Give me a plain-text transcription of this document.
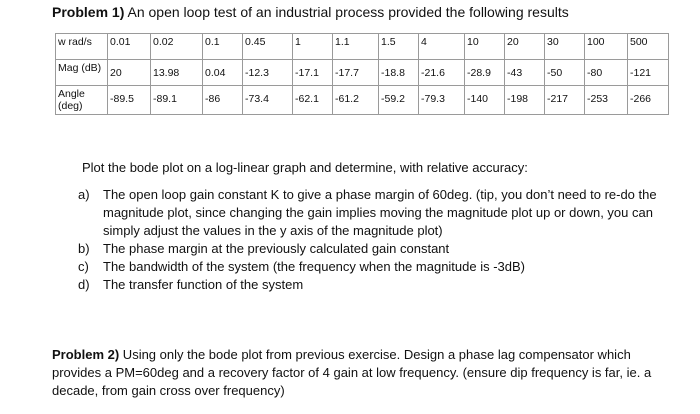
Problem 1) An open loop test of an industrial process provided the following results
w rad/s	0.01	0.02	0.1	0.45	1	1.1	1.5	4	10	20	30	100	500
Mag (dB)	20	13.98	0.04	-12.3	-17.1	-17.7	-18.8	-21.6	-28.9	-43	-50	-80	-121
Angle (deg)	-89.5	-89.1	-86	-73.4	-62.1	-61.2	-59.2	-79.3	-140	-198	-217	-253	-266
Plot the bode plot on a log-linear graph and determine, with relative accuracy:
a) The open loop gain constant K to give a phase margin of 60deg. (tip, you don’t need to re-do the magnitude plot, since changing the gain implies moving the magnitude plot up or down, you can simply adjust the values in the y axis of the magnitude plot)
b) The phase margin at the previously calculated gain constant
c) The bandwidth of the system (the frequency when the magnitude is -3dB)
d) The transfer function of the system
Problem 2) Using only the bode plot from previous exercise. Design a phase lag compensator which provides a PM=60deg and a recovery factor of 4 gain at low frequency. (ensure dip frequency is far, ie. a decade, from gain cross over frequency)
